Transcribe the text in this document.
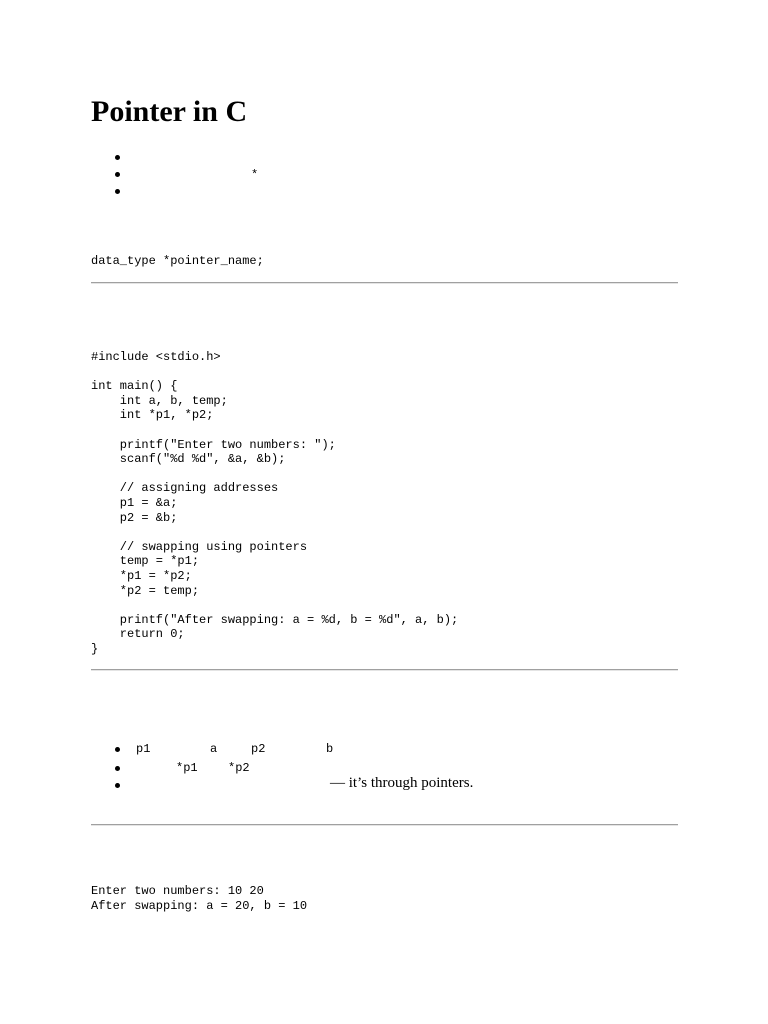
Pointer in C
*
data_type *pointer_name;
#include <stdio.h>

int main() {
int a, b, temp;
int *p1, *p2;

printf("Enter two numbers: ");
scanf("%d %d", &a, &b);

// assigning addresses
p1 = &a;
p2 = &b;

// swapping using pointers
temp = *p1;
*p1 = *p2;
*p2 = temp;

printf("After swapping: a = %d, b = %d", a, b);
return 0;
}
p1	a	p2	b
*p1	*p2
— it’s through pointers.
Enter two numbers: 10 20
After swapping: a = 20, b = 10
